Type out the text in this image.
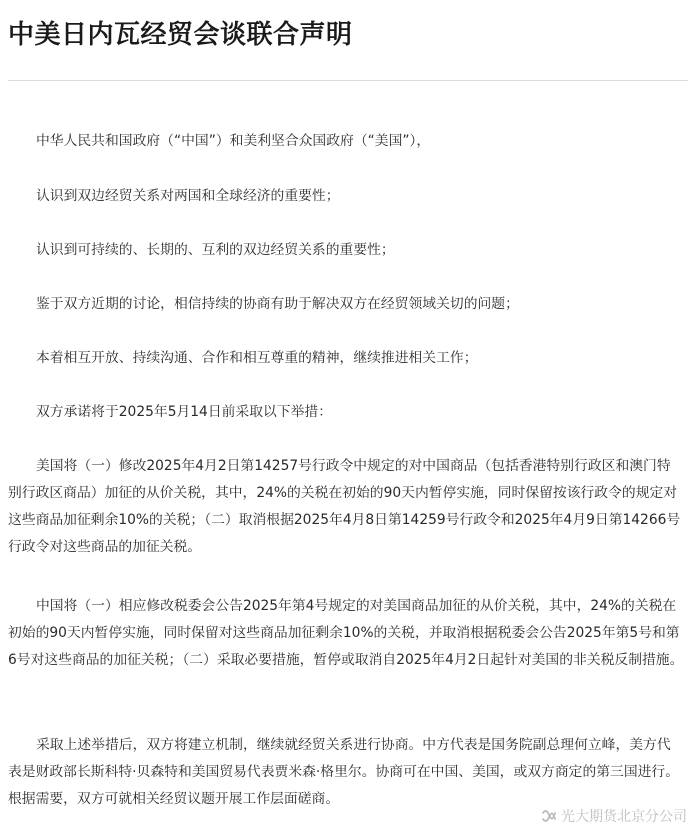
中美日内瓦经贸会谈联合声明

中华人民共和国政府（“中国”）和美利坚合众国政府（“美国”），

认识到双边经贸关系对两国和全球经济的重要性；

认识到可持续的、长期的、互利的双边经贸关系的重要性；

鉴于双方近期的讨论，相信持续的协商有助于解决双方在经贸领域关切的问题；

本着相互开放、持续沟通、合作和相互尊重的精神，继续推进相关工作；

双方承诺将于2025年5月14日前采取以下举措：

美国将（一）修改2025年4月2日第14257号行政令中规定的对中国商品（包括香港特别行政区和澳门特别行政区商品）加征的从价关税，其中，24%的关税在初始的90天内暂停实施，同时保留按该行政令的规定对这些商品加征剩余10%的关税；（二）取消根据2025年4月8日第14259号行政令和2025年4月9日第14266号行政令对这些商品的加征关税。

中国将（一）相应修改税委会公告2025年第4号规定的对美国商品加征的从价关税，其中，24%的关税在初始的90天内暂停实施，同时保留对这些商品加征剩余10%的关税，并取消根据税委会公告2025年第5号和第6号对这些商品的加征关税；（二）采取必要措施，暂停或取消自2025年4月2日起针对美国的非关税反制措施。

采取上述举措后，双方将建立机制，继续就经贸关系进行协商。中方代表是国务院副总理何立峰，美方代表是财政部长斯科特·贝森特和美国贸易代表贾米森·格里尔。协商可在中国、美国，或双方商定的第三国进行。根据需要，双方可就相关经贸议题开展工作层面磋商。

光大期货北京分公司
